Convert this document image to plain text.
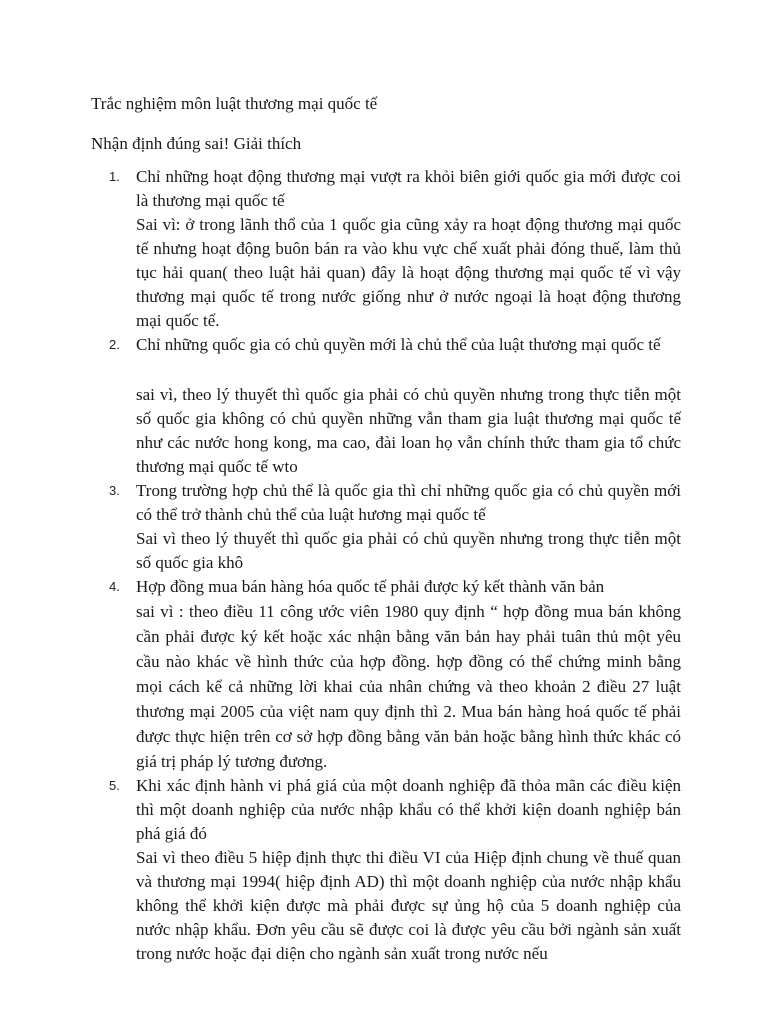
Trắc nghiệm môn luật thương mại quốc tế
Nhận định đúng sai! Giải thích
1. Chỉ những hoạt động thương mại vượt ra khỏi biên giới quốc gia mới được coi là thương mại quốc tế

Sai vì: ở trong lãnh thổ của 1 quốc gia cũng xảy ra hoạt động thương mại quốc tế nhưng hoạt động buôn bán ra vào khu vực chế xuất phải đóng thuế, làm thủ tục hải quan( theo luật hải quan) đây là hoạt động thương mại quốc tế vì vậy thương mại quốc tế trong nước giống như ở nước ngoại là hoạt động thương mại quốc tế.

2. Chỉ những quốc gia có chủ quyền mới là chủ thể của luật thương mại quốc tế

sai vì, theo lý thuyết thì quốc gia phải có chủ quyền nhưng trong thực tiễn một số quốc gia không có chủ quyền những vẫn tham gia luật thương mại quốc tế như các nước hong kong, ma cao, đài loan họ vẫn chính thức tham gia tổ chức thương mại quốc tế wto

3. Trong trường hợp chủ thể là quốc gia thì chỉ những quốc gia có chủ quyền mới có thể trở thành chủ thể của luật hương mại quốc tế

Sai vì theo lý thuyết thì quốc gia phải có chủ quyền nhưng trong thực tiễn một số quốc gia khô

4. Hợp đồng mua bán hàng hóa quốc tế phải được ký kết thành văn bản

sai vì : theo điều 11 công ước viên 1980 quy định “ hợp đồng mua bán không cần phải được ký kết hoặc xác nhận bằng văn bản hay phải tuân thủ một yêu cầu nào khác về hình thức của hợp đồng. hợp đồng có thể chứng minh bằng mọi cách kể cả những lời khai của nhân chứng và theo khoản 2 điều 27 luật thương mại 2005 của việt nam quy định thì 2. Mua bán hàng hoá quốc tế phải được thực hiện trên cơ sở hợp đồng bằng văn bản hoặc bằng hình thức khác có giá trị pháp lý tương đương.

5. Khi xác định hành vi phá giá của một doanh nghiệp đã thỏa mãn các điều kiện thì một doanh nghiệp của nước nhập khẩu có thể khởi kiện doanh nghiệp bán phá giá đó

Sai vì theo điều 5 hiệp định thực thi điều VI của Hiệp định chung về thuế quan và thương mại 1994( hiệp định AD) thì một doanh nghiệp của nước nhập khẩu không thể khởi kiện được mà phải được sự ủng hộ của 5 doanh nghiệp của nước nhập khẩu. Đơn yêu cầu sẽ được coi là được yêu cầu bởi ngành sản xuất trong nước hoặc đại diện cho ngành sản xuất trong nước nếu
